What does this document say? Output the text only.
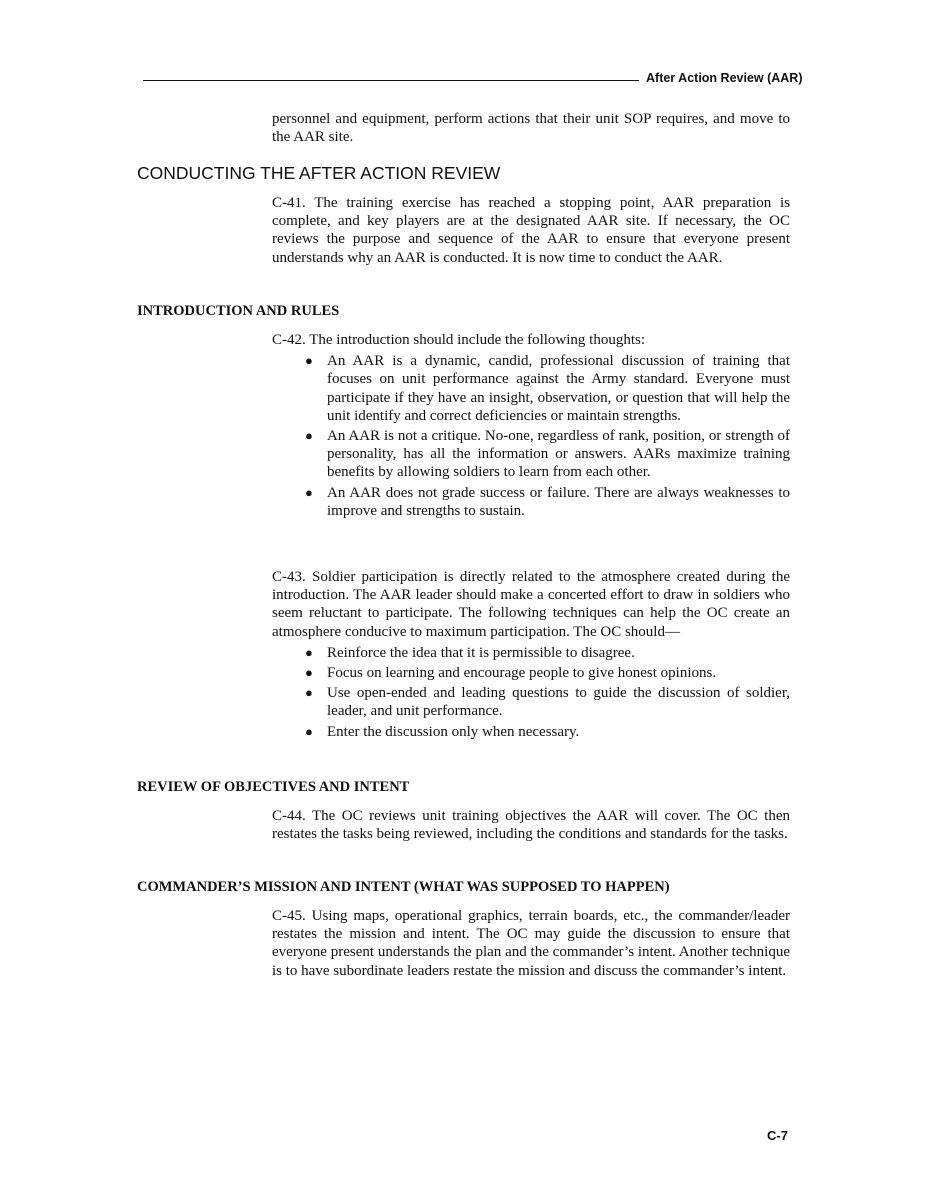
After Action Review (AAR)

personnel and equipment, perform actions that their unit SOP requires, and move to the AAR site.

CONDUCTING THE AFTER ACTION REVIEW

C-41. The training exercise has reached a stopping point, AAR preparation is complete, and key players are at the designated AAR site. If necessary, the OC reviews the purpose and sequence of the AAR to ensure that everyone present understands why an AAR is conducted. It is now time to conduct the AAR.

INTRODUCTION AND RULES

C-42. The introduction should include the following thoughts:

● An AAR is a dynamic, candid, professional discussion of training that focuses on unit performance against the Army standard. Everyone must participate if they have an insight, observation, or question that will help the unit identify and correct deficiencies or maintain strengths.
● An AAR is not a critique. No-one, regardless of rank, position, or strength of personality, has all the information or answers. AARs maximize training benefits by allowing soldiers to learn from each other.
● An AAR does not grade success or failure. There are always weaknesses to improve and strengths to sustain.

C-43. Soldier participation is directly related to the atmosphere created during the introduction. The AAR leader should make a concerted effort to draw in soldiers who seem reluctant to participate. The following techniques can help the OC create an atmosphere conducive to maximum participation. The OC should—

● Reinforce the idea that it is permissible to disagree.
● Focus on learning and encourage people to give honest opinions.
● Use open-ended and leading questions to guide the discussion of soldier, leader, and unit performance.
● Enter the discussion only when necessary.
REVIEW OF OBJECTIVES AND INTENT

C-44. The OC reviews unit training objectives the AAR will cover. The OC then restates the tasks being reviewed, including the conditions and standards for the tasks.

COMMANDER’S MISSION AND INTENT (WHAT WAS SUPPOSED TO HAPPEN)

C-45. Using maps, operational graphics, terrain boards, etc., the commander/leader restates the mission and intent. The OC may guide the discussion to ensure that everyone present understands the plan and the commander’s intent. Another technique is to have subordinate leaders restate the mission and discuss the commander’s intent.

C-7
